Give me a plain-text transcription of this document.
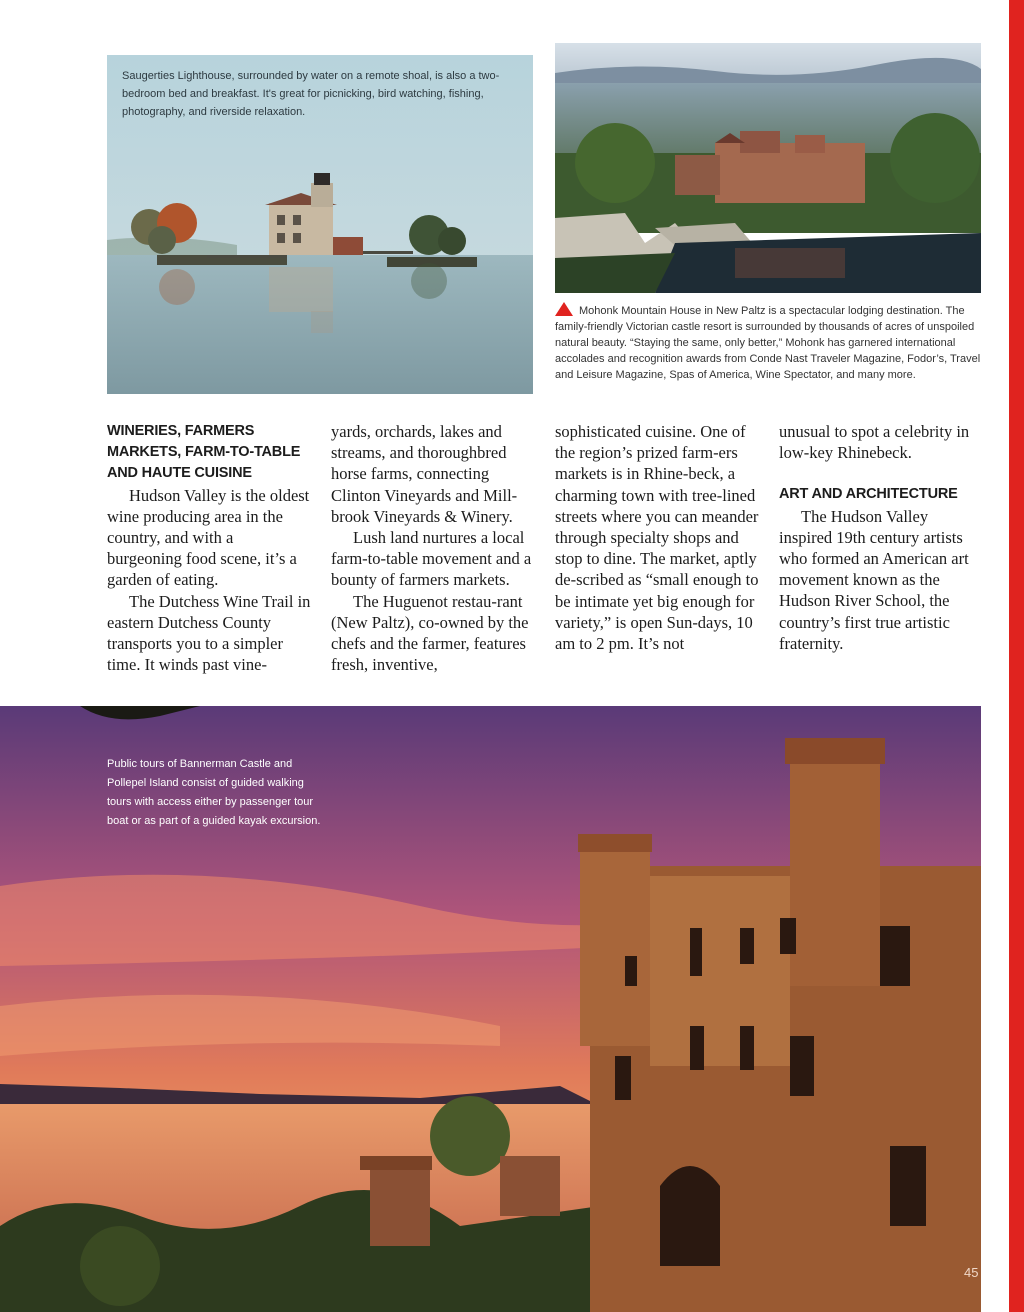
Saugerties Lighthouse, surrounded by water on a remote shoal, is also a two-bedroom bed and breakfast. It's great for picnicking, bird watching, fishing, photography, and riverside relaxation.
Mohonk Mountain House in New Paltz is a spectacular lodging destination. The family-friendly Victorian castle resort is surrounded by thousands of acres of unspoiled natural beauty. “Staying the same, only better,” Mohonk has garnered international accolades and recognition awards from Conde Nast Traveler Magazine, Fodor’s, Travel and Leisure Magazine, Spas of America, Wine Spectator, and many more.
WINERIES, FARMERS MARKETS, FARM-TO-TABLE AND HAUTE CUISINE

Hudson Valley is the oldest wine producing area in the country, and with a burgeoning food scene, it’s a garden of eating.

The Dutchess Wine Trail in eastern Dutchess County transports you to a simpler time. It winds past vine-

yards, orchards, lakes and streams, and thoroughbred horse farms, connecting Clinton Vineyards and Mill-brook Vineyards & Winery.

Lush land nurtures a local farm-to-table movement and a bounty of farmers markets.

The Huguenot restau-rant (New Paltz), co-owned by the chefs and the farmer, features fresh, inventive,

sophisticated cuisine. One of the region’s prized farm-ers markets is in Rhine-beck, a charming town with tree-lined streets where you can meander through specialty shops and stop to dine. The market, aptly de-scribed as “small enough to be intimate yet big enough for variety,” is open Sun-days, 10 am to 2 pm. It’s not

unusual to spot a celebrity in low-key Rhinebeck.

ART AND ARCHITECTURE

The Hudson Valley inspired 19th century artists who formed an American art movement known as the Hudson River School, the country’s first true artistic fraternity.

Public tours of Bannerman Castle and Pollepel Island consist of guided walking tours with access either by passenger tour boat or as part of a guided kayak excursion.
45
